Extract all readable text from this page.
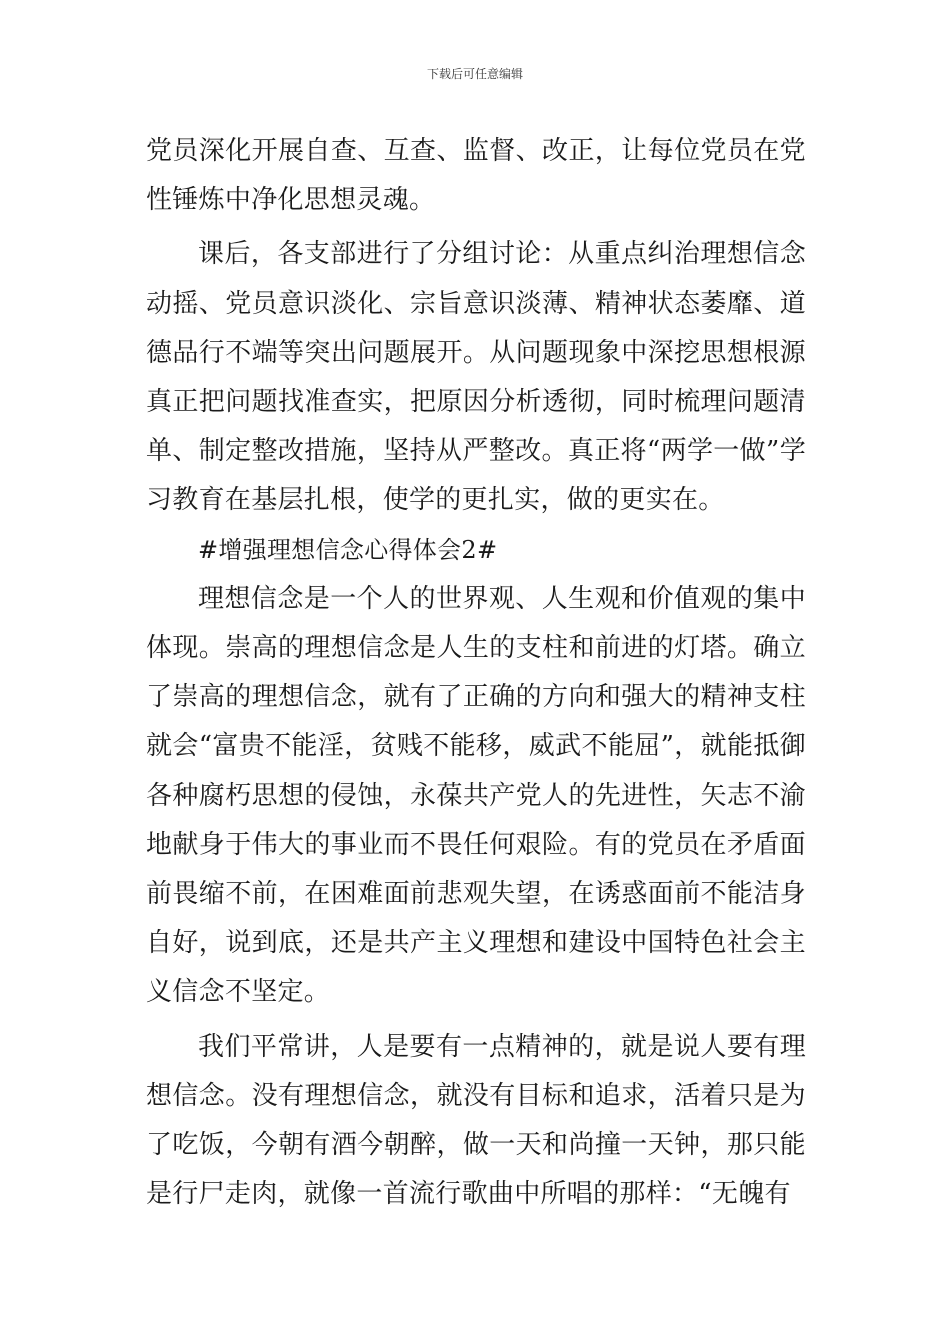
下载后可任意编辑

党员深化开展自查、互查、监督、改正，让每位党员在党性锤炼中净化思想灵魂。

课后，各支部进行了分组讨论：从重点纠治理想信念动摇、党员意识淡化、宗旨意识淡薄、精神状态萎靡、道德品行不端等突出问题展开。从问题现象中深挖思想根源真正把问题找准查实，把原因分析透彻，同时梳理问题清单、制定整改措施，坚持从严整改。真正将“两学一做”学习教育在基层扎根，使学的更扎实，做的更实在。

#增强理想信念心得体会2#

理想信念是一个人的世界观、人生观和价值观的集中体现。崇高的理想信念是人生的支柱和前进的灯塔。确立了崇高的理想信念，就有了正确的方向和强大的精神支柱就会“富贵不能淫，贫贱不能移，威武不能屈”，就能抵御各种腐朽思想的侵蚀，永葆共产党人的先进性，矢志不渝地献身于伟大的事业而不畏任何艰险。有的党员在矛盾面前畏缩不前，在困难面前悲观失望，在诱惑面前不能洁身自好，说到底，还是共产主义理想和建设中国特色社会主义信念不坚定。

我们平常讲，人是要有一点精神的，就是说人要有理想信念。没有理想信念，就没有目标和追求，活着只是为了吃饭，今朝有酒今朝醉，做一天和尚撞一天钟，那只能是行尸走肉，就像一首流行歌曲中所唱的那样：“无魄有
